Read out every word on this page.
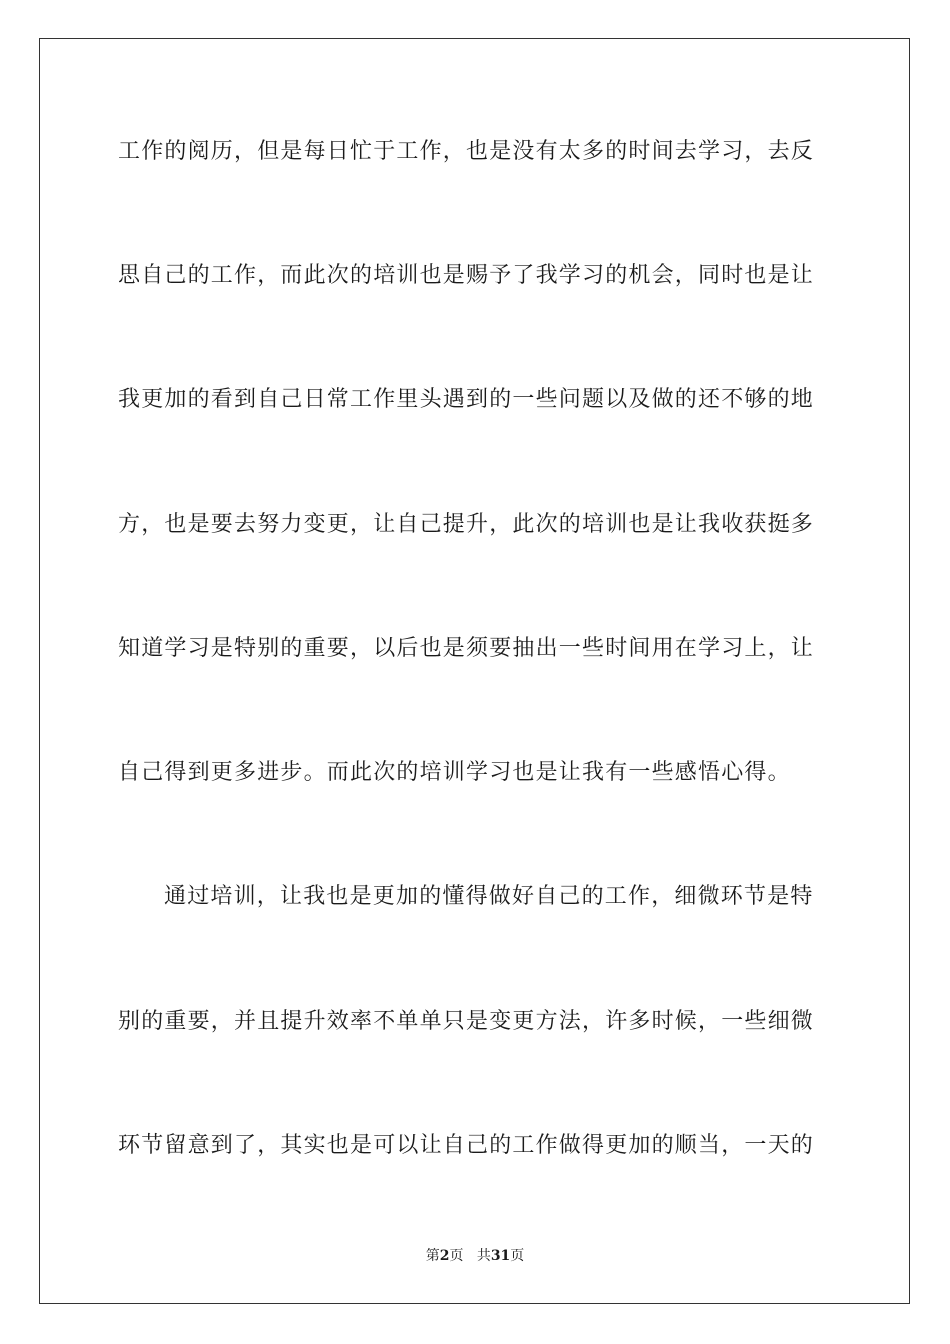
工作的阅历，但是每日忙于工作，也是没有太多的时间去学习，去反
思自己的工作，而此次的培训也是赐予了我学习的机会，同时也是让
我更加的看到自己日常工作里头遇到的一些问题以及做的还不够的地
方，也是要去努力变更，让自己提升，此次的培训也是让我收获挺多
知道学习是特别的重要，以后也是须要抽出一些时间用在学习上，让
自己得到更多进步。而此次的培训学习也是让我有一些感悟心得。
通过培训，让我也是更加的懂得做好自己的工作，细微环节是特
别的重要，并且提升效率不单单只是变更方法，许多时候，一些细微
环节留意到了，其实也是可以让自己的工作做得更加的顺当，一天的
第2页 共31页
